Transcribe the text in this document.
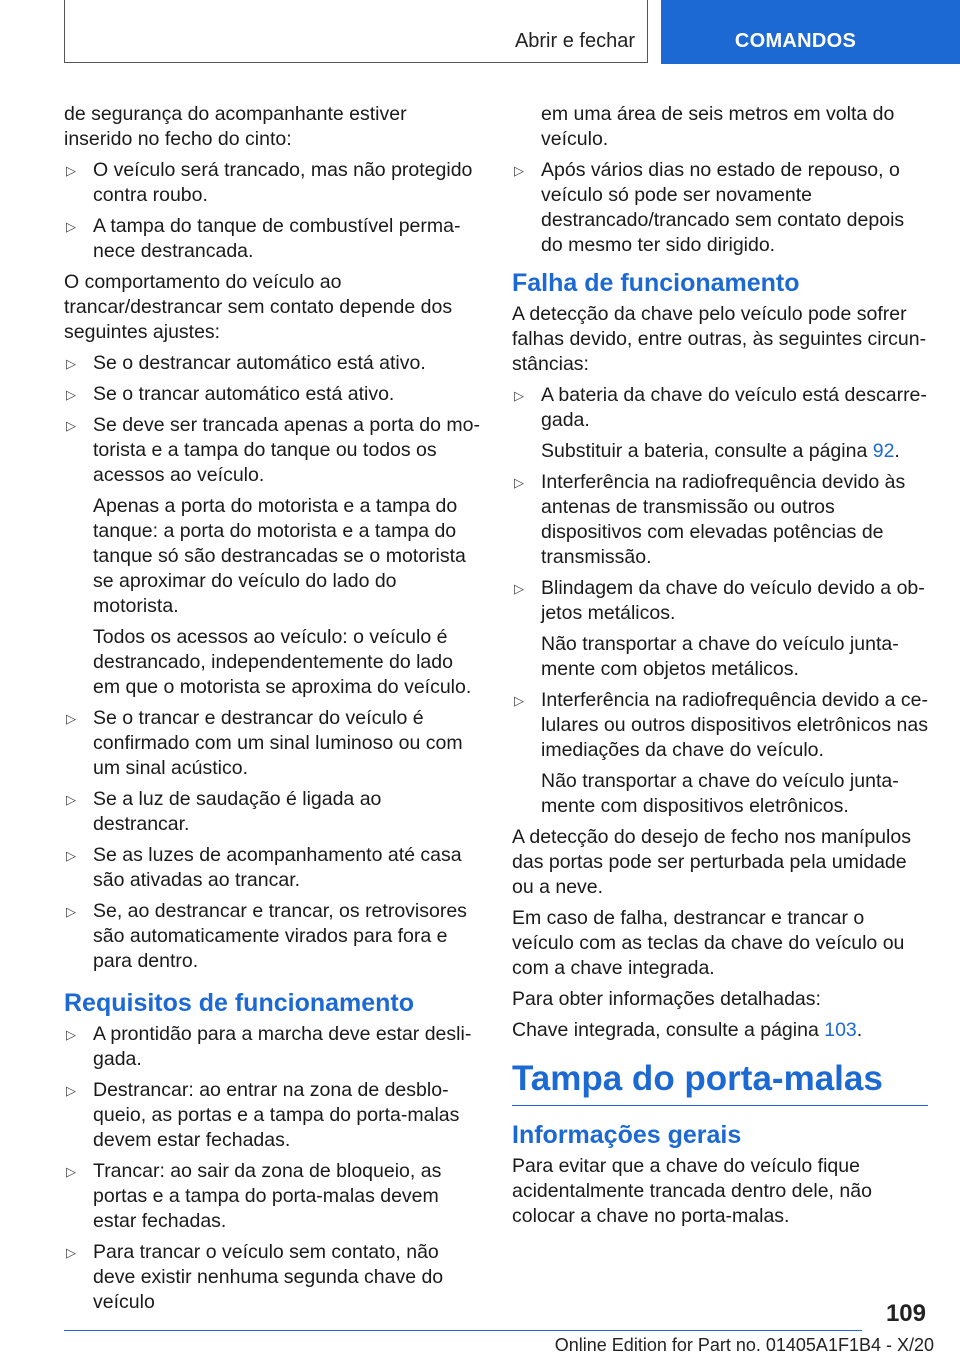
Abrir e fechar	COMANDOS

de segurança do acompanhante estiver inserido no fecho do cinto:

▷ O veículo será trancado, mas não protegido contra roubo.
▷ A tampa do tanque de combustível permanece destrancada.

O comportamento do veículo ao trancar/destrancar sem contato depende dos seguintes ajustes:

▷ Se o destrancar automático está ativo.
▷ Se o trancar automático está ativo.
▷ Se deve ser trancada apenas a porta do motorista e a tampa do tanque ou todos os acessos ao veículo.

Apenas a porta do motorista e a tampa do tanque: a porta do motorista e a tampa do tanque só são destrancadas se o motorista se aproximar do veículo do lado do motorista.

Todos os acessos ao veículo: o veículo é destrancado, independentemente do lado em que o motorista se aproxima do veículo.

▷ Se o trancar e destrancar do veículo é confirmado com um sinal luminoso ou com um sinal acústico.
▷ Se a luz de saudação é ligada ao destrancar.
▷ Se as luzes de acompanhamento até casa são ativadas ao trancar.
▷ Se, ao destrancar e trancar, os retrovisores são automaticamente virados para fora e para dentro.
Requisitos de funcionamento
▷ A prontidão para a marcha deve estar desligada.
▷ Destrancar: ao entrar na zona de desbloqueio, as portas e a tampa do porta-malas devem estar fechadas.
▷ Trancar: ao sair da zona de bloqueio, as portas e a tampa do porta-malas devem estar fechadas.
▷ Para trancar o veículo sem contato, não deve existir nenhuma segunda chave do veículo

em uma área de seis metros em volta do veículo.

▷ Após vários dias no estado de repouso, o veículo só pode ser novamente destrancado/trancado sem contato depois do mesmo ter sido dirigido.
Falha de funcionamento

A detecção da chave pelo veículo pode sofrer falhas devido, entre outras, às seguintes circunstâncias:

▷ A bateria da chave do veículo está descarregada.

Substituir a bateria, consulte a página 92.

▷ Interferência na radiofrequência devido às antenas de transmissão ou outros dispositivos com elevadas potências de transmissão.
▷ Blindagem da chave do veículo devido a objetos metálicos.

Não transportar a chave do veículo juntamente com objetos metálicos.

▷ Interferência na radiofrequência devido a celulares ou outros dispositivos eletrônicos nas imediações da chave do veículo.

Não transportar a chave do veículo juntamente com dispositivos eletrônicos.

A detecção do desejo de fecho nos manípulos das portas pode ser perturbada pela umidade ou a neve.

Em caso de falha, destrancar e trancar o veículo com as teclas da chave do veículo ou com a chave integrada.

Para obter informações detalhadas:

Chave integrada, consulte a página 103.

Tampa do porta-malas
Informações gerais

Para evitar que a chave do veículo fique acidentalmente trancada dentro dele, não colocar a chave no porta-malas.

109
Online Edition for Part no. 01405A1F1B4 - X/20
